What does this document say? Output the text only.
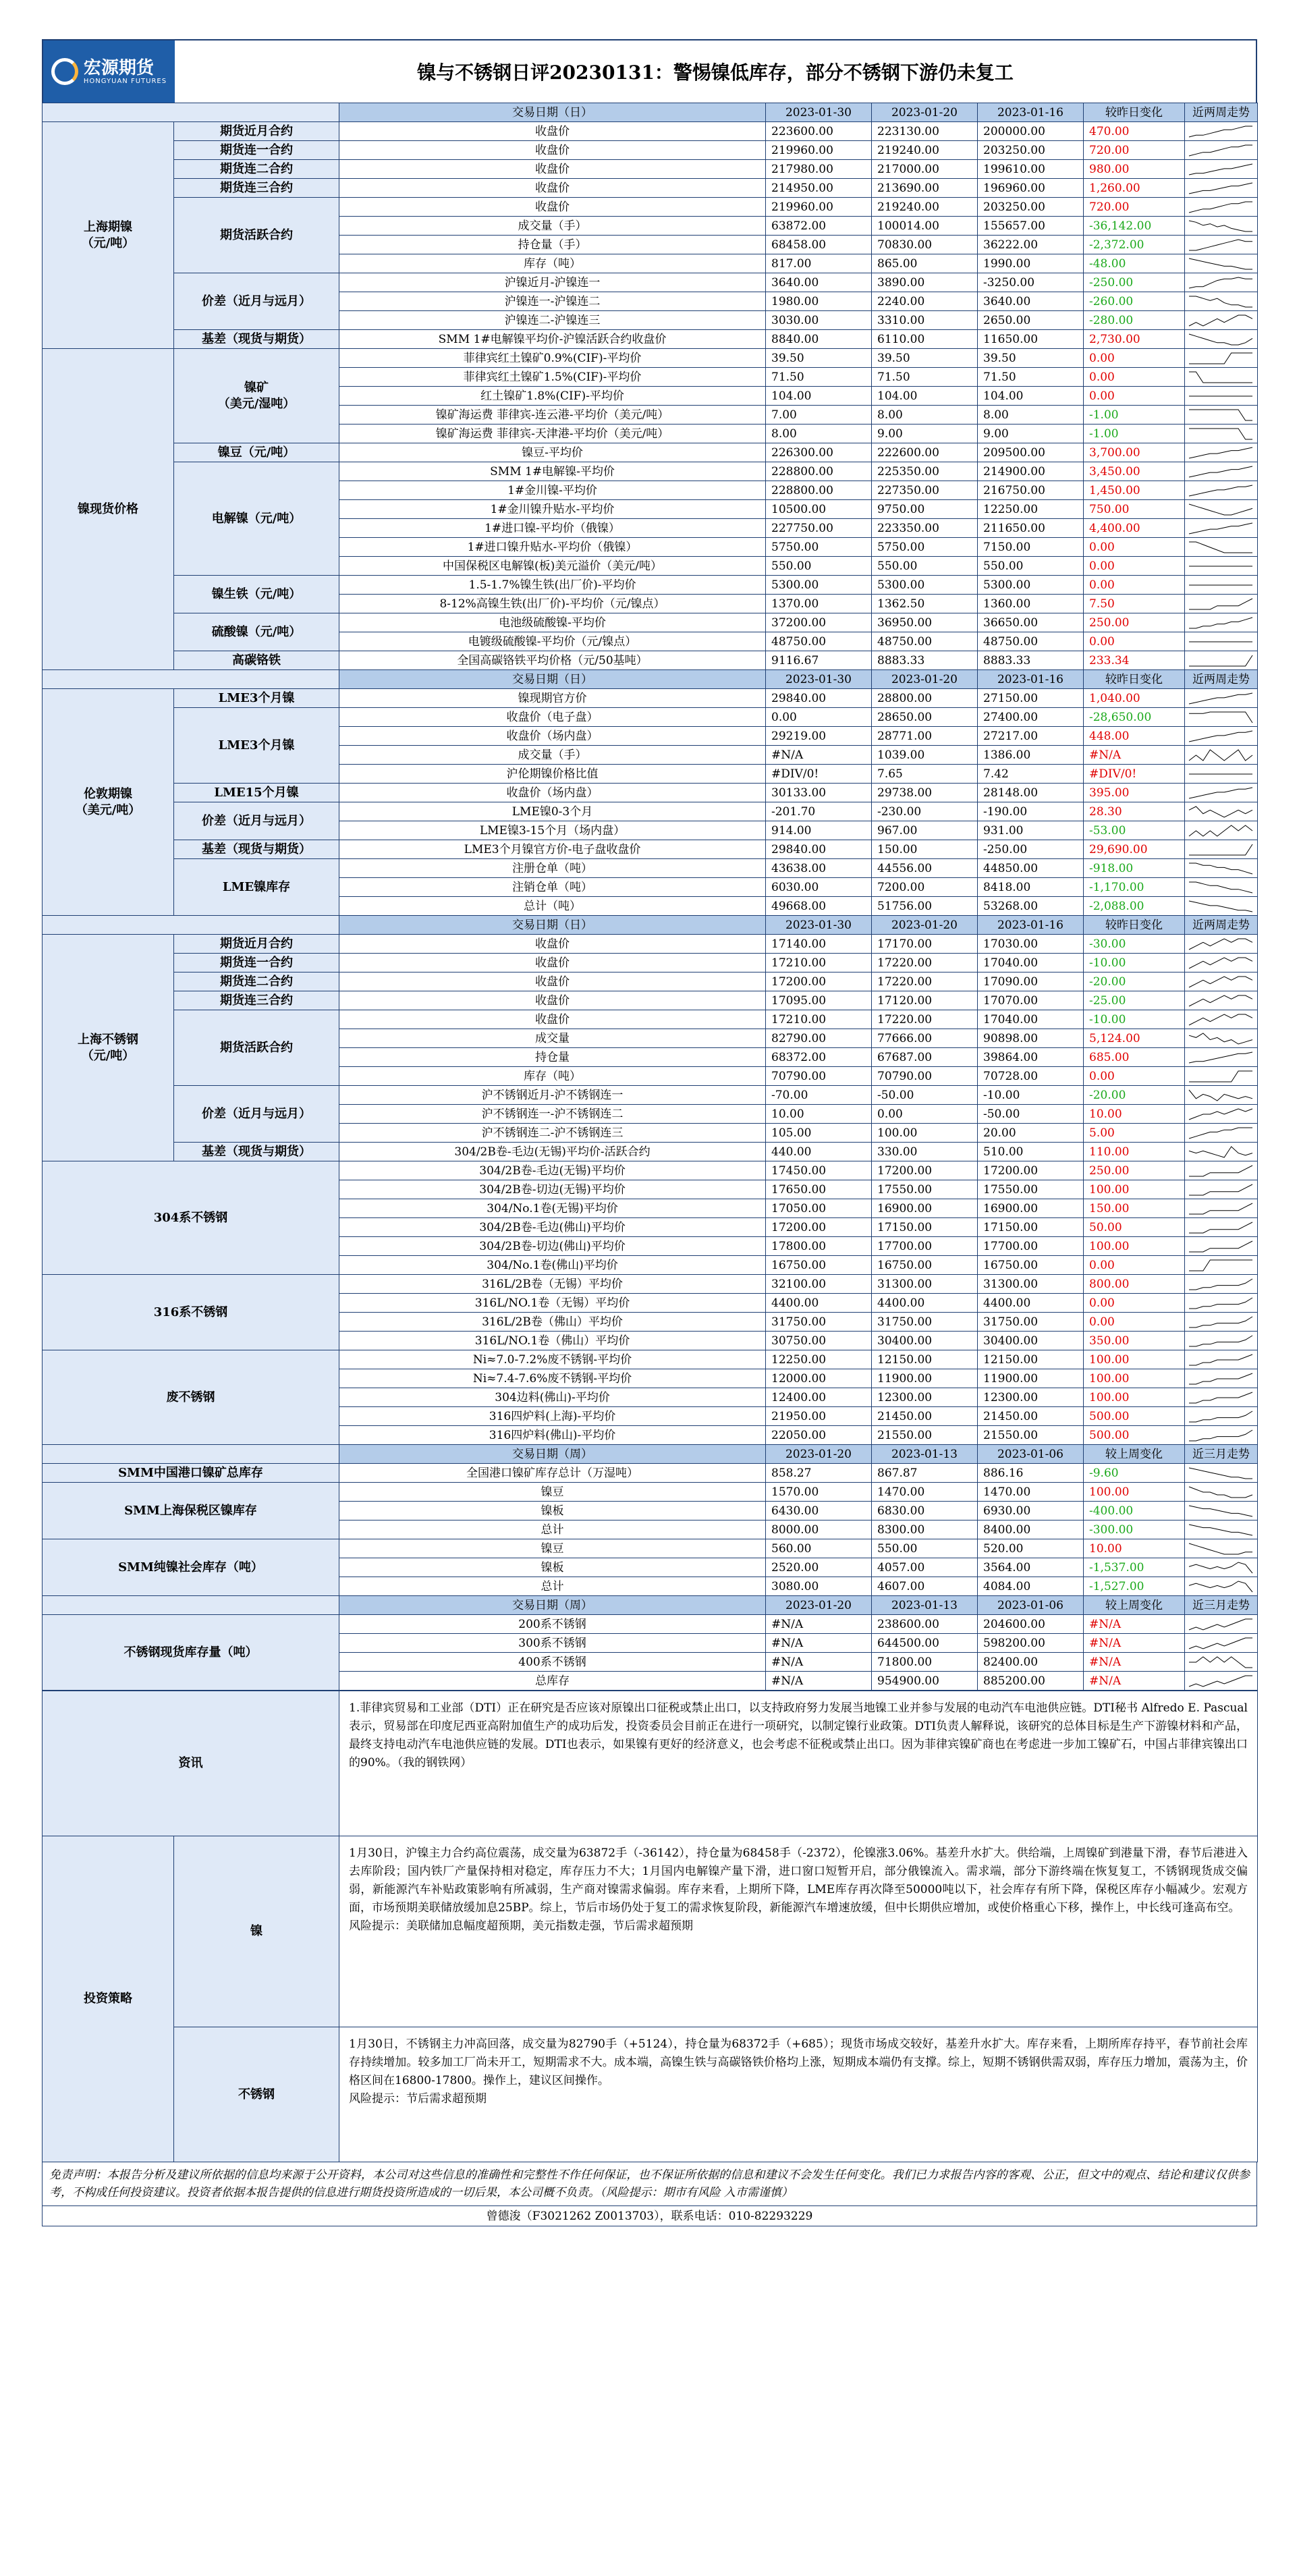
宏源期货
HONGYUAN FUTURES	镍与不锈钢日评20230131：警惕镍低库存，部分不锈钢下游仍未复工
		交易日期（日）	2023-01-30	2023-01-20	2023-01-16	较昨日变化	近两周走势
上海期镍
（元/吨）	期货近月合约	收盘价	223600.00	223130.00	200000.00	470.00	

	期货连一合约	收盘价	219960.00	219240.00	203250.00	720.00	

	期货连二合约	收盘价	217980.00	217000.00	199610.00	980.00	

	期货连三合约	收盘价	214950.00	213690.00	196960.00	1,260.00	

	期货活跃合约	收盘价	219960.00	219240.00	203250.00	720.00	

		成交量（手）	63872.00	100014.00	155657.00	-36,142.00	

		持仓量（手）	68458.00	70830.00	36222.00	-2,372.00	

		库存（吨）	817.00	865.00	1990.00	-48.00	

	价差（近月与远月）	沪镍近月-沪镍连一	3640.00	3890.00	-3250.00	-250.00	

		沪镍连一-沪镍连二	1980.00	2240.00	3640.00	-260.00	

		沪镍连二-沪镍连三	3030.00	3310.00	2650.00	-280.00	

	基差（现货与期货）	SMM 1#电解镍平均价-沪镍活跃合约收盘价	8840.00	6110.00	11650.00	2,730.00	

镍现货价格	镍矿
（美元/湿吨）	菲律宾红土镍矿0.9%(CIF)-平均价	39.50	39.50	39.50	0.00	

		菲律宾红土镍矿1.5%(CIF)-平均价	71.50	71.50	71.50	0.00	

		红土镍矿1.8%(CIF)-平均价	104.00	104.00	104.00	0.00	

		镍矿海运费 菲律宾-连云港-平均价（美元/吨）	7.00	8.00	8.00	-1.00	

		镍矿海运费 菲律宾-天津港-平均价（美元/吨）	8.00	9.00	9.00	-1.00	

	镍豆（元/吨）	镍豆-平均价	226300.00	222600.00	209500.00	3,700.00	

	电解镍（元/吨）	SMM 1#电解镍-平均价	228800.00	225350.00	214900.00	3,450.00	

		1#金川镍-平均价	228800.00	227350.00	216750.00	1,450.00	

		1#金川镍升贴水-平均价	10500.00	9750.00	12250.00	750.00	

		1#进口镍-平均价（俄镍）	227750.00	223350.00	211650.00	4,400.00	

		1#进口镍升贴水-平均价（俄镍）	5750.00	5750.00	7150.00	0.00	

		中国保税区电解镍(板)美元溢价（美元/吨）	550.00	550.00	550.00	0.00	

	镍生铁（元/吨）	1.5-1.7%镍生铁(出厂价)-平均价	5300.00	5300.00	5300.00	0.00	

		8-12%高镍生铁(出厂价)-平均价（元/镍点）	1370.00	1362.50	1360.00	7.50	

	硫酸镍（元/吨）	电池级硫酸镍-平均价	37200.00	36950.00	36650.00	250.00	

		电镀级硫酸镍-平均价（元/镍点）	48750.00	48750.00	48750.00	0.00	

	高碳铬铁	全国高碳铬铁平均价格（元/50基吨）	9116.67	8883.33	8883.33	233.34	

		交易日期（日）	2023-01-30	2023-01-20	2023-01-16	较昨日变化	近两周走势
伦敦期镍
（美元/吨）	LME3个月镍	镍现期官方价	29840.00	28800.00	27150.00	1,040.00	

	LME3个月镍	收盘价（电子盘）	0.00	28650.00	27400.00	-28,650.00	

		收盘价（场内盘）	29219.00	28771.00	27217.00	448.00	

		成交量（手）	#N/A	1039.00	1386.00	#N/A	

		沪伦期镍价格比值	#DIV/0!	7.65	7.42	#DIV/0!	

	LME15个月镍	收盘价（场内盘）	30133.00	29738.00	28148.00	395.00	

	价差（近月与远月）	LME镍0-3个月	-201.70	-230.00	-190.00	28.30	

		LME镍3-15个月（场内盘）	914.00	967.00	931.00	-53.00	

	基差（现货与期货）	LME3个月镍官方价-电子盘收盘价	29840.00	150.00	-250.00	29,690.00	

	LME镍库存	注册仓单（吨）	43638.00	44556.00	44850.00	-918.00	

		注销仓单（吨）	6030.00	7200.00	8418.00	-1,170.00	

		总计（吨）	49668.00	51756.00	53268.00	-2,088.00	

		交易日期（日）	2023-01-30	2023-01-20	2023-01-16	较昨日变化	近两周走势
上海不锈钢
（元/吨）	期货近月合约	收盘价	17140.00	17170.00	17030.00	-30.00	

	期货连一合约	收盘价	17210.00	17220.00	17040.00	-10.00	

	期货连二合约	收盘价	17200.00	17220.00	17090.00	-20.00	

	期货连三合约	收盘价	17095.00	17120.00	17070.00	-25.00	

	期货活跃合约	收盘价	17210.00	17220.00	17040.00	-10.00	

		成交量	82790.00	77666.00	90898.00	5,124.00	

		持仓量	68372.00	67687.00	39864.00	685.00	

		库存（吨）	70790.00	70790.00	70728.00	0.00	

	价差（近月与远月）	沪不锈钢近月-沪不锈钢连一	-70.00	-50.00	-10.00	-20.00	

		沪不锈钢连一-沪不锈钢连二	10.00	0.00	-50.00	10.00	

		沪不锈钢连二-沪不锈钢连三	105.00	100.00	20.00	5.00	

	基差（现货与期货）	304/2B卷-毛边(无锡)平均价-活跃合约	440.00	330.00	510.00	110.00	

304系不锈钢		304/2B卷-毛边(无锡)平均价	17450.00	17200.00	17200.00	250.00	

		304/2B卷-切边(无锡)平均价	17650.00	17550.00	17550.00	100.00	

		304/No.1卷(无锡)平均价	17050.00	16900.00	16900.00	150.00	

		304/2B卷-毛边(佛山)平均价	17200.00	17150.00	17150.00	50.00	

		304/2B卷-切边(佛山)平均价	17800.00	17700.00	17700.00	100.00	

		304/No.1卷(佛山)平均价	16750.00	16750.00	16750.00	0.00	

316系不锈钢		316L/2B卷（无锡）平均价	32100.00	31300.00	31300.00	800.00	

		316L/NO.1卷（无锡）平均价	4400.00	4400.00	4400.00	0.00	

		316L/2B卷（佛山）平均价	31750.00	31750.00	31750.00	0.00	

		316L/NO.1卷（佛山）平均价	30750.00	30400.00	30400.00	350.00	

废不锈钢		Ni≈7.0-7.2%废不锈钢-平均价	12250.00	12150.00	12150.00	100.00	

		Ni≈7.4-7.6%废不锈钢-平均价	12000.00	11900.00	11900.00	100.00	

		304边料(佛山)-平均价	12400.00	12300.00	12300.00	100.00	

		316四炉料(上海)-平均价	21950.00	21450.00	21450.00	500.00	

		316四炉料(佛山)-平均价	22050.00	21550.00	21550.00	500.00	

		交易日期（周）	2023-01-20	2023-01-13	2023-01-06	较上周变化	近三月走势
SMM中国港口镍矿总库存		全国港口镍矿库存总计（万湿吨）	858.27	867.87	886.16	-9.60	

SMM上海保税区镍库存		镍豆	1570.00	1470.00	1470.00	100.00	

		镍板	6430.00	6830.00	6930.00	-400.00	

		总计	8000.00	8300.00	8400.00	-300.00	

SMM纯镍社会库存（吨）		镍豆	560.00	550.00	520.00	10.00	

		镍板	2520.00	4057.00	3564.00	-1,537.00	

		总计	3080.00	4607.00	4084.00	-1,527.00	

		交易日期（周）	2023-01-20	2023-01-13	2023-01-06	较上周变化	近三月走势
不锈钢现货库存量（吨）		200系不锈钢	#N/A	238600.00	204600.00	#N/A	

		300系不锈钢	#N/A	644500.00	598200.00	#N/A	

		400系不锈钢	#N/A	71800.00	82400.00	#N/A	

		总库存	#N/A	954900.00	885200.00	#N/A	
资讯		1.菲律宾贸易和工业部（DTI）正在研究是否应该对原镍出口征税或禁止出口，以支持政府努力发展当地镍工业并参与发展的电动汽车电池供应链。DTI秘书 Alfredo E. Pascual表示，贸易部在印度尼西亚高附加值生产的成功后发，投资委员会目前正在进行一项研究，以制定镍行业政策。DTI负责人解释说，该研究的总体目标是生产下游镍材料和产品，最终支持电动汽车电池供应链的发展。DTI也表示，如果镍有更好的经济意义，也会考虑不征税或禁止出口。因为菲律宾镍矿商也在考虑进一步加工镍矿石，中国占菲律宾镍出口的90%。（我的钢铁网）
投资策略	镍	1月30日，沪镍主力合约高位震荡，成交量为63872手（-36142），持仓量为68458手（-2372），伦镍涨3.06%。基差升水扩大。供给端，上周镍矿到港量下滑，春节后港进入去库阶段；国内铁厂产量保持相对稳定，库存压力不大；1月国内电解镍产量下滑，进口窗口短暂开启，部分俄镍流入。需求端，部分下游终端在恢复复工，不锈钢现货成交偏弱，新能源汽车补贴政策影响有所减弱，生产商对镍需求偏弱。库存来看，上期所下降，LME库存再次降至50000吨以下，社会库存有所下降，保税区库存小幅减少。宏观方面，市场预期美联储放缓加息25BP。综上，节后市场仍处于复工的需求恢复阶段，新能源汽车增速放缓，但中长期供应增加，或使价格重心下移，操作上，中长线可逢高布空。
风险提示：美联储加息幅度超预期，美元指数走强，节后需求超预期
	不锈钢	1月30日，不锈钢主力冲高回落，成交量为82790手（+5124），持仓量为68372手（+685）；现货市场成交较好，基差升水扩大。库存来看，上期所库存持平，春节前社会库存持续增加。较多加工厂尚未开工，短期需求不大。成本端，高镍生铁与高碳铬铁价格均上涨，短期成本端仍有支撑。综上，短期不锈钢供需双弱，库存压力增加，震荡为主，价格区间在16800-17800。操作上，建议区间操作。
风险提示：节后需求超预期
免责声明：本报告分析及建议所依据的信息均来源于公开资料，本公司对这些信息的准确性和完整性不作任何保证，也不保证所依据的信息和建议不会发生任何变化。我们已力求报告内容的客观、公正，但文中的观点、结论和建议仅供参考，不构成任何投资建议。投资者依据本报告提供的信息进行期货投资所造成的一切后果，本公司概不负责。（风险提示：期市有风险 入市需谨慎）
曾德浚（F3021262 Z0013703），联系电话：010-82293229
